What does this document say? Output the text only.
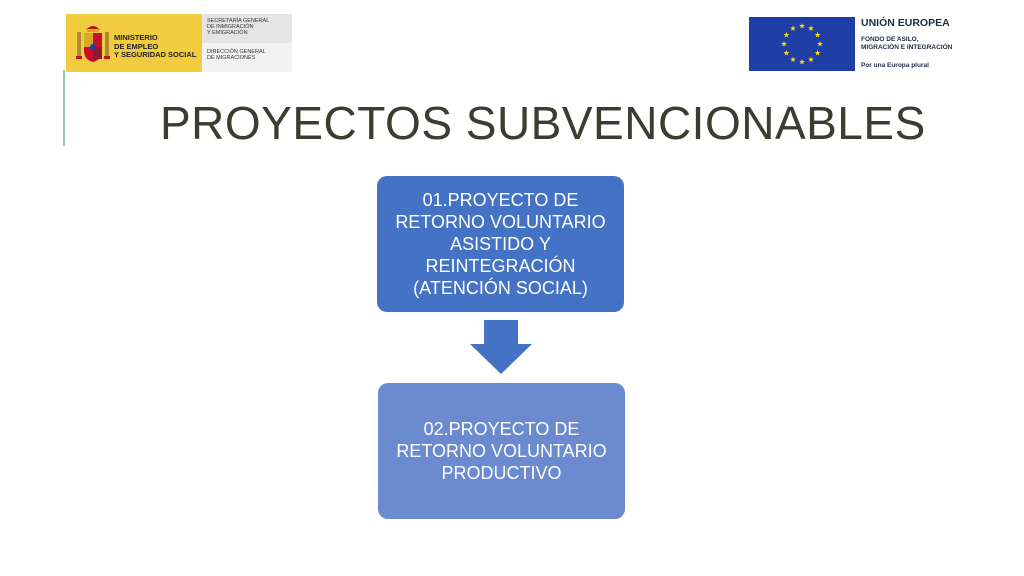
MINISTERIO
DE EMPLEO
Y SEGURIDAD SOCIAL
SECRETARÍA GENERAL
DE INMIGRACIÓN
Y EMIGRACIÓN
DIRECCIÓN GENERAL
DE MIGRACIONES
UNIÓN EUROPEA
FONDO DE ASILO,
MIGRACIÓN E INTEGRACIÓN
Por una Europa plural
PROYECTOS SUBVENCIONABLES
01.PROYECTO DE RETORNO VOLUNTARIO ASISTIDO Y REINTEGRACIÓN (ATENCIÓN SOCIAL)
02.PROYECTO DE RETORNO VOLUNTARIO PRODUCTIVO
